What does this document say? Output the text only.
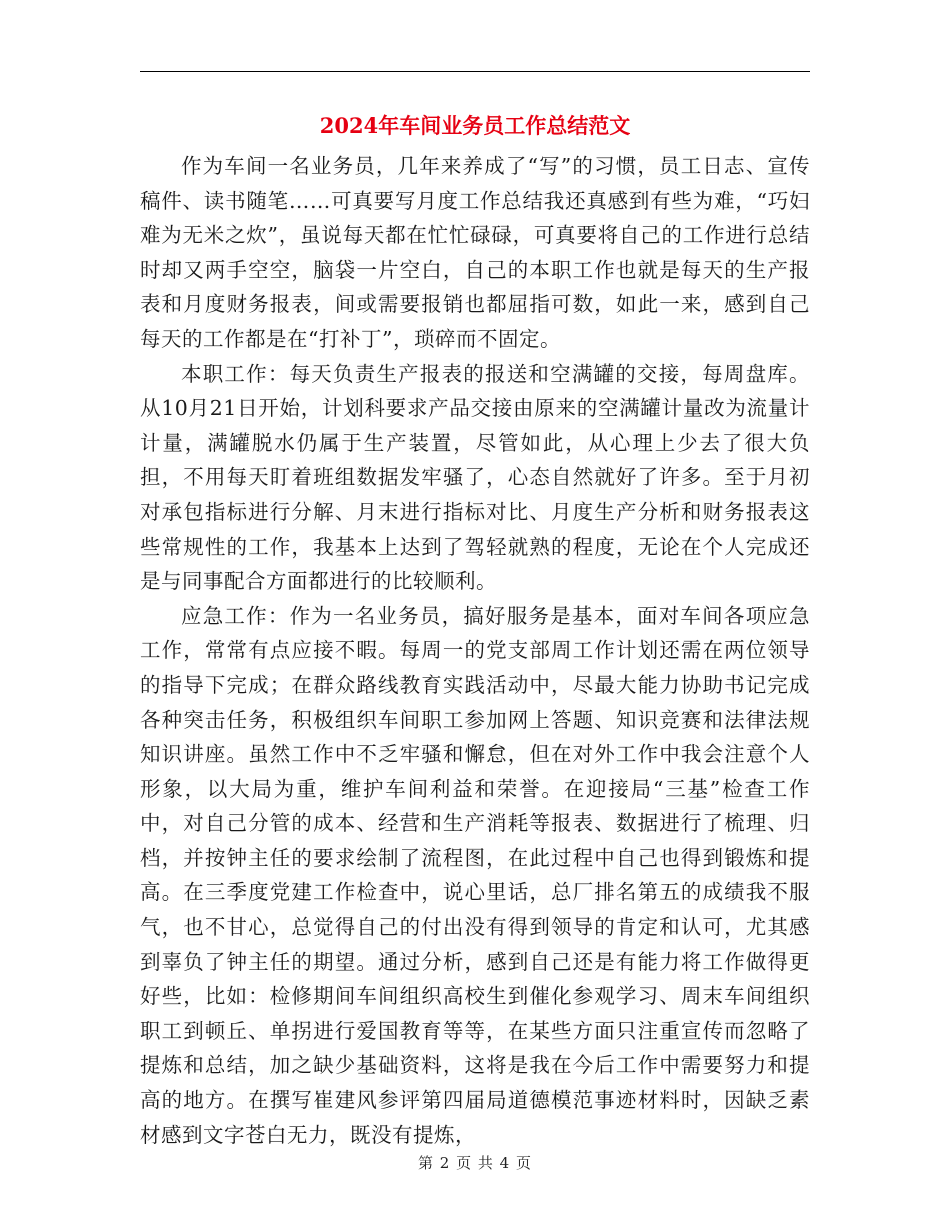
2024年车间业务员工作总结范文

作为车间一名业务员，几年来养成了“写”的习惯，员工日志、宣传稿件、读书随笔……可真要写月度工作总结我还真感到有些为难，“巧妇难为无米之炊”，虽说每天都在忙忙碌碌，可真要将自己的工作进行总结时却又两手空空，脑袋一片空白，自己的本职工作也就是每天的生产报表和月度财务报表，间或需要报销也都屈指可数，如此一来，感到自己每天的工作都是在“打补丁”，琐碎而不固定。

本职工作：每天负责生产报表的报送和空满罐的交接，每周盘库。从10月21日开始，计划科要求产品交接由原来的空满罐计量改为流量计计量，满罐脱水仍属于生产装置，尽管如此，从心理上少去了很大负担，不用每天盯着班组数据发牢骚了，心态自然就好了许多。至于月初对承包指标进行分解、月末进行指标对比、月度生产分析和财务报表这些常规性的工作，我基本上达到了驾轻就熟的程度，无论在个人完成还是与同事配合方面都进行的比较顺利。

应急工作：作为一名业务员，搞好服务是基本，面对车间各项应急工作，常常有点应接不暇。每周一的党支部周工作计划还需在两位领导的指导下完成；在群众路线教育实践活动中，尽最大能力协助书记完成各种突击任务，积极组织车间职工参加网上答题、知识竞赛和法律法规知识讲座。虽然工作中不乏牢骚和懈怠，但在对外工作中我会注意个人形象，以大局为重，维护车间利益和荣誉。在迎接局“三基”检查工作中，对自己分管的成本、经营和生产消耗等报表、数据进行了梳理、归档，并按钟主任的要求绘制了流程图，在此过程中自己也得到锻炼和提高。在三季度党建工作检查中，说心里话，总厂排名第五的成绩我不服气，也不甘心，总觉得自己的付出没有得到领导的肯定和认可，尤其感到辜负了钟主任的期望。通过分析，感到自己还是有能力将工作做得更好些，比如：检修期间车间组织高校生到催化参观学习、周末车间组织职工到顿丘、单拐进行爱国教育等等，在某些方面只注重宣传而忽略了提炼和总结，加之缺少基础资料，这将是我在今后工作中需要努力和提高的地方。在撰写崔建风参评第四届局道德模范事迹材料时，因缺乏素材感到文字苍白无力，既没有提炼，

第 2 页 共 4 页
